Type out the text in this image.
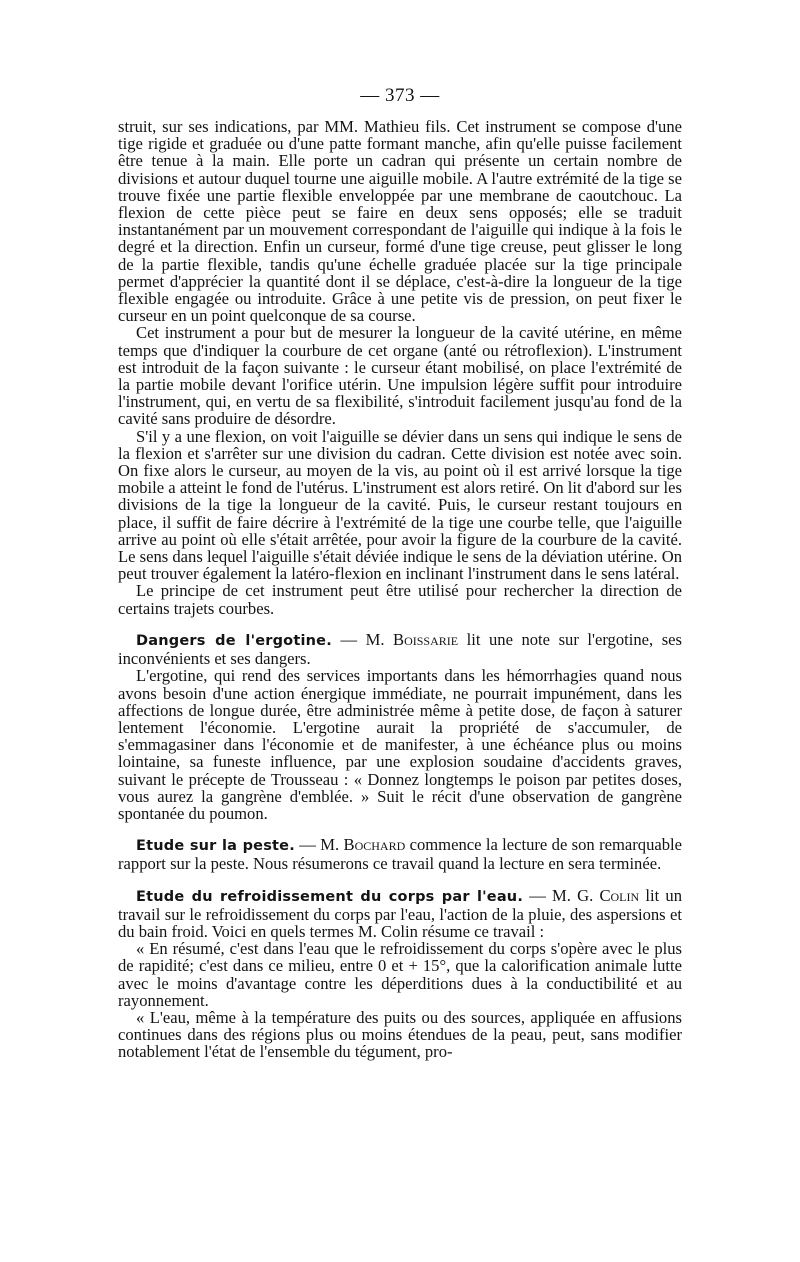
— 373 —

struit, sur ses indications, par MM. Mathieu fils. Cet instrument se compose d'une tige rigide et graduée ou d'une patte formant manche, afin qu'elle puisse facilement être tenue à la main. Elle porte un cadran qui présente un certain nombre de divisions et autour duquel tourne une aiguille mobile. A l'autre extrémité de la tige se trouve fixée une partie flexible enveloppée par une membrane de caoutchouc. La flexion de cette pièce peut se faire en deux sens opposés; elle se traduit instantanément par un mouvement correspondant de l'aiguille qui indique à la fois le degré et la direction. Enfin un curseur, formé d'une tige creuse, peut glisser le long de la partie flexible, tandis qu'une échelle graduée placée sur la tige principale permet d'apprécier la quantité dont il se déplace, c'est-à-dire la longueur de la tige flexible engagée ou introduite. Grâce à une petite vis de pression, on peut fixer le curseur en un point quelconque de sa course.

Cet instrument a pour but de mesurer la longueur de la cavité utérine, en même temps que d'indiquer la courbure de cet organe (anté ou rétroflexion). L'instrument est introduit de la façon suivante : le curseur étant mobilisé, on place l'extrémité de la partie mobile devant l'orifice utérin. Une impulsion légère suffit pour introduire l'instrument, qui, en vertu de sa flexibilité, s'introduit facilement jusqu'au fond de la cavité sans produire de désordre.

S'il y a une flexion, on voit l'aiguille se dévier dans un sens qui indique le sens de la flexion et s'arrêter sur une division du cadran. Cette division est notée avec soin. On fixe alors le curseur, au moyen de la vis, au point où il est arrivé lorsque la tige mobile a atteint le fond de l'utérus. L'instrument est alors retiré. On lit d'abord sur les divisions de la tige la longueur de la cavité. Puis, le curseur restant toujours en place, il suffit de faire décrire à l'extrémité de la tige une courbe telle, que l'aiguille arrive au point où elle s'était arrêtée, pour avoir la figure de la courbure de la cavité. Le sens dans lequel l'aiguille s'était déviée indique le sens de la déviation utérine. On peut trouver également la latéro-flexion en inclinant l'instrument dans le sens latéral.

Le principe de cet instrument peut être utilisé pour rechercher la direction de certains trajets courbes.

Dangers de l'ergotine. — M. Boissarie lit une note sur l'ergotine, ses inconvénients et ses dangers.

L'ergotine, qui rend des services importants dans les hémorrhagies quand nous avons besoin d'une action énergique immédiate, ne pourrait impunément, dans les affections de longue durée, être administrée même à petite dose, de façon à saturer lentement l'économie. L'ergotine aurait la propriété de s'accumuler, de s'emmagasiner dans l'économie et de manifester, à une échéance plus ou moins lointaine, sa funeste influence, par une explosion soudaine d'accidents graves, suivant le précepte de Trousseau : « Donnez longtemps le poison par petites doses, vous aurez la gangrène d'emblée. » Suit le récit d'une observation de gangrène spontanée du poumon.

Etude sur la peste. — M. Bochard commence la lecture de son remarquable rapport sur la peste. Nous résumerons ce travail quand la lecture en sera terminée.

Etude du refroidissement du corps par l'eau. — M. G. Colin lit un travail sur le refroidissement du corps par l'eau, l'action de la pluie, des aspersions et du bain froid. Voici en quels termes M. Colin résume ce travail :

« En résumé, c'est dans l'eau que le refroidissement du corps s'opère avec le plus de rapidité; c'est dans ce milieu, entre 0 et + 15°, que la calorification animale lutte avec le moins d'avantage contre les déperditions dues à la conductibilité et au rayonnement.

« L'eau, même à la température des puits ou des sources, appliquée en affusions continues dans des régions plus ou moins étendues de la peau, peut, sans modifier notablement l'état de l'ensemble du tégument, pro-
